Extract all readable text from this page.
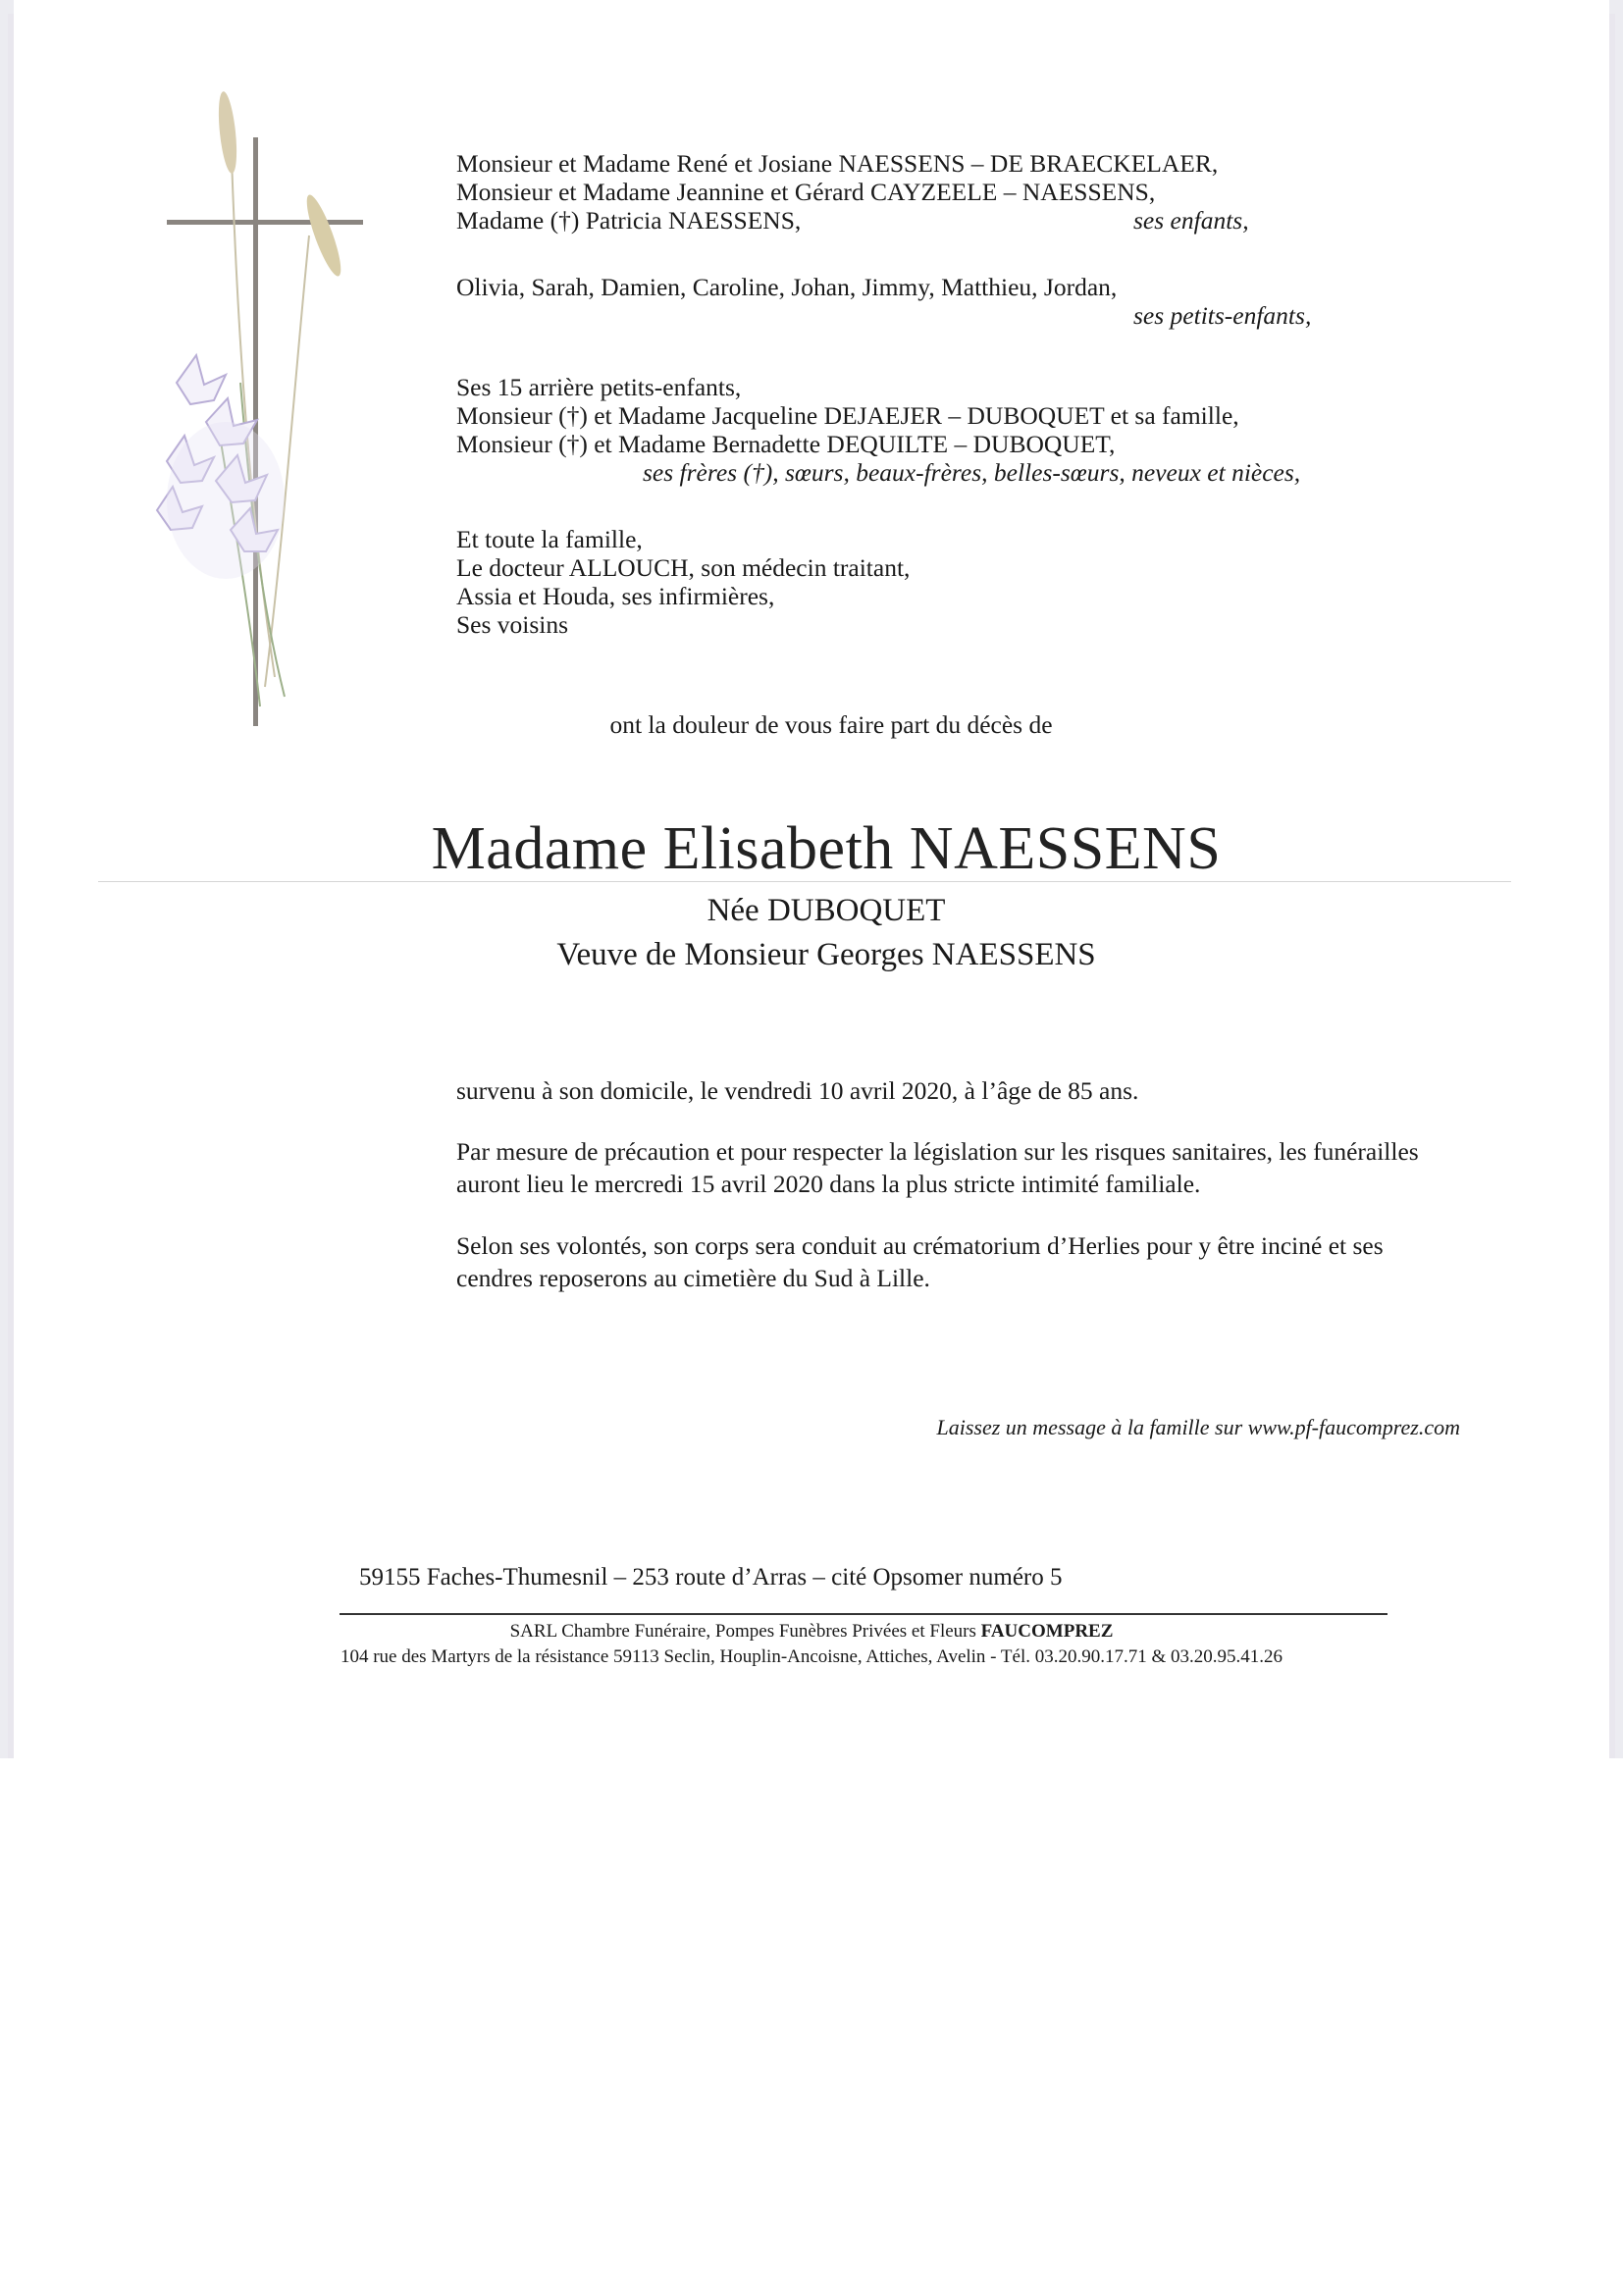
Monsieur et Madame René et Josiane NAESSENS – DE BRAECKELAER,
Monsieur et Madame Jeannine et Gérard CAYZEELE – NAESSENS,
Madame (†) Patricia NAESSENS,	ses enfants,
Olivia, Sarah, Damien, Caroline, Johan, Jimmy, Matthieu, Jordan,
ses petits-enfants,
Ses 15 arrière petits-enfants,
Monsieur (†) et Madame Jacqueline DEJAEJER – DUBOQUET et sa famille,
Monsieur (†) et Madame Bernadette DEQUILTE – DUBOQUET,
ses frères (†), sœurs, beaux-frères, belles-sœurs, neveux et nièces,
Et toute la famille,
Le docteur ALLOUCH, son médecin traitant,
Assia et Houda, ses infirmières,
Ses voisins
ont la douleur de vous faire part du décès de
Madame Elisabeth NAESSENS
Née DUBOQUET
Veuve de Monsieur Georges NAESSENS

survenu à son domicile, le vendredi 10 avril 2020, à l’âge de 85 ans.

Par mesure de précaution et pour respecter la législation sur les risques sanitaires, les funérailles auront lieu le mercredi 15 avril 2020 dans la plus stricte intimité familiale.

Selon ses volontés, son corps sera conduit au crématorium d’Herlies pour y être inciné et ses cendres reposerons au cimetière du Sud à Lille.

Laissez un message à la famille sur www.pf-faucomprez.com
59155 Faches-Thumesnil – 253 route d’Arras – cité Opsomer numéro 5
SARL Chambre Funéraire, Pompes Funèbres Privées et Fleurs FAUCOMPREZ
104 rue des Martyrs de la résistance 59113 Seclin, Houplin-Ancoisne, Attiches, Avelin - Tél. 03.20.90.17.71 & 03.20.95.41.26
